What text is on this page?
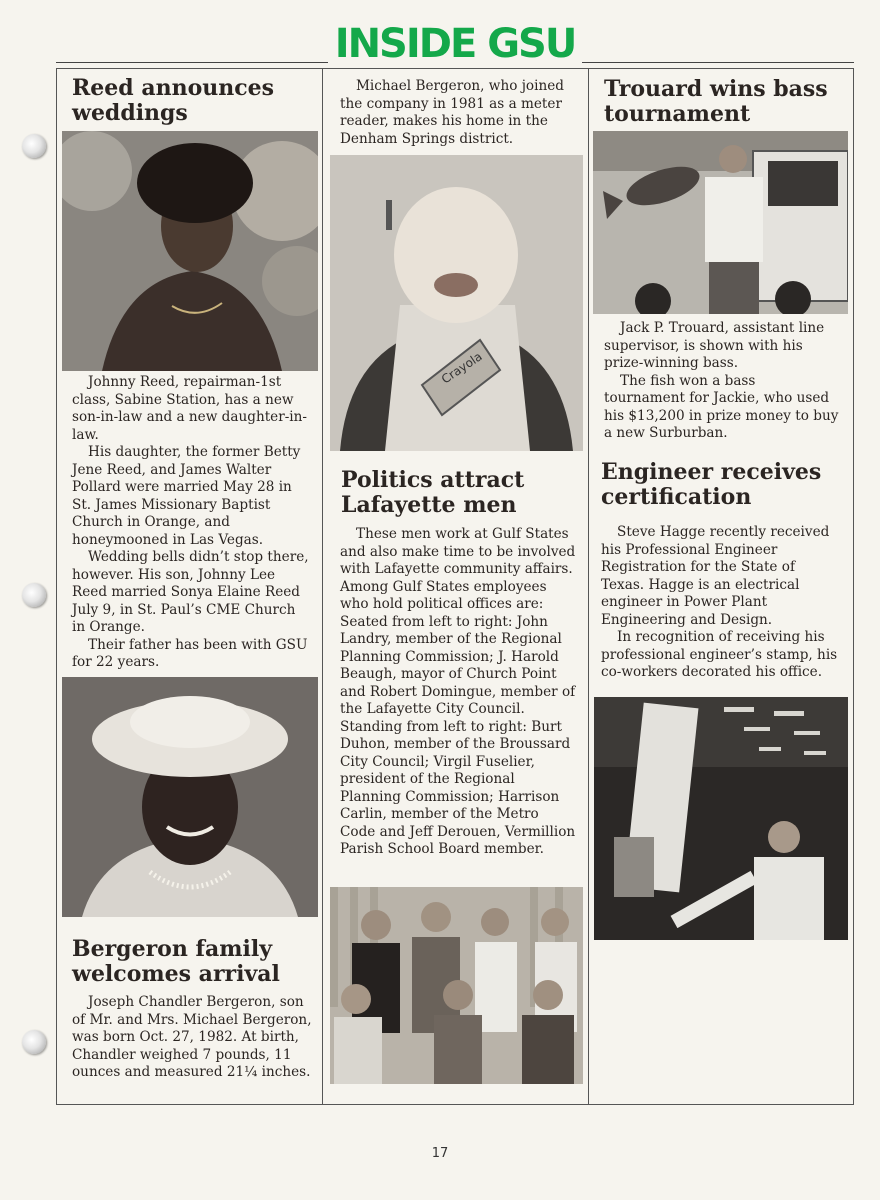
INSIDE GSU
Reed announces weddings

Johnny Reed, repairman-1st class, Sabine Station, has a new son-in-law and a new daughter-in-law.

His daughter, the former Betty Jene Reed, and James Walter Pollard were married May 28 in St. James Missionary Baptist Church in Orange, and honeymooned in Las Vegas.

Wedding bells didn’t stop there, however. His son, Johnny Lee Reed married Sonya Elaine Reed July 9, in St. Paul’s CME Church in Orange.

Their father has been with GSU for 22 years.

Bergeron family welcomes arrival

Joseph Chandler Bergeron, son of Mr. and Mrs. Michael Bergeron, was born Oct. 27, 1982. At birth, Chandler weighed 7 pounds, 11 ounces and measured 21¼ inches.

Michael Bergeron, who joined the company in 1981 as a meter reader, makes his home in the Denham Springs district.

Crayola
Politics attract Lafayette men

These men work at Gulf States and also make time to be involved with Lafayette community affairs. Among Gulf States employees who hold political offices are: Seated from left to right: John Landry, member of the Regional Planning Commission; J. Harold Beaugh, mayor of Church Point and Robert Domingue, member of the Lafayette City Council. Standing from left to right: Burt Duhon, member of the Broussard City Council; Virgil Fuselier, president of the Regional Planning Commission; Harrison Carlin, member of the Metro Code and Jeff Derouen, Vermillion Parish School Board member.

Trouard wins bass tournament

Jack P. Trouard, assistant line supervisor, is shown with his prize-winning bass.

The fish won a bass tournament for Jackie, who used his $13,200 in prize money to buy a new Surburban.

Engineer receives certification

Steve Hagge recently received his Professional Engineer Registration for the State of Texas. Hagge is an electrical engineer in Power Plant Engineering and Design.

In recognition of receiving his professional engineer’s stamp, his co-workers decorated his office.

17
